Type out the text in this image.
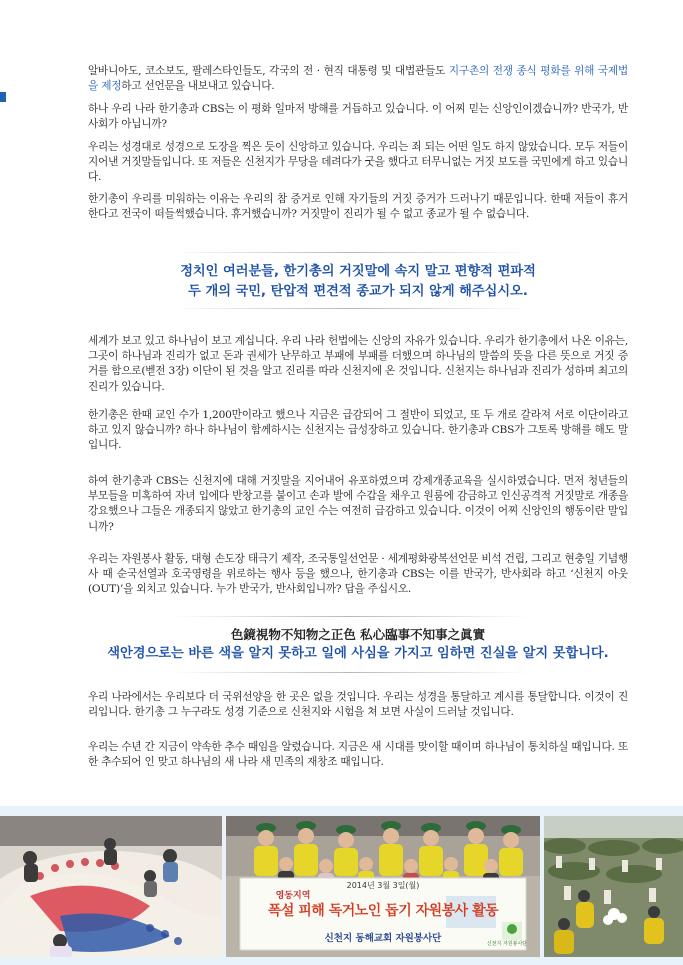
알바니아도, 코소보도, 팔레스타인들도, 각국의 전 · 현직 대통령 및 대법관들도 지구촌의 전쟁 종식 평화를 위해 국제법을 제정하고 선언문을 내보내고 있습니다.

하나 우리 나라 한기총과 CBS는 이 평화 일마저 방해를 거듭하고 있습니다. 이 어찌 믿는 신앙인이겠습니까? 반국가, 반사회가 아닙니까?

우리는 성경대로 성경으로 도장을 찍은 듯이 신앙하고 있습니다. 우리는 죄 되는 어떤 일도 하지 않았습니다. 모두 저들이 지어낸 거짓말들입니다. 또 저들은 신천지가 무당을 데려다가 굿을 했다고 터무니없는 거짓 보도를 국민에게 하고 있습니다.

한기총이 우리를 미워하는 이유는 우리의 참 증거로 인해 자기들의 거짓 증거가 드러나기 때문입니다. 한때 저들이 휴거한다고 전국이 떠들썩했습니다. 휴거했습니까? 거짓말이 진리가 될 수 없고 종교가 될 수 없습니다.

정치인 여러분들, 한기총의 거짓말에 속지 말고 편향적 편파적
두 개의 국민, 탄압적 편견적 종교가 되지 않게 해주십시오.

세계가 보고 있고 하나님이 보고 계십니다. 우리 나라 헌법에는 신앙의 자유가 있습니다. 우리가 한기총에서 나온 이유는, 그곳이 하나님과 진리가 없고 돈과 권세가 난무하고 부패에 부패를 더했으며 하나님의 말씀의 뜻을 다른 뜻으로 거짓 증거를 함으로(벧전 3장) 이단이 된 것을 알고 진리를 따라 신천지에 온 것입니다. 신천지는 하나님과 진리가 성하며 최고의 진리가 있습니다.

한기총은 한때 교인 수가 1,200만이라고 했으나 지금은 급감되어 그 절반이 되었고, 또 두 개로 갈라져 서로 이단이라고 하고 있지 않습니까? 하나 하나님이 함께하시는 신천지는 급성장하고 있습니다. 한기총과 CBS가 그토록 방해를 해도 말입니다.

하여 한기총과 CBS는 신천지에 대해 거짓말을 지어내어 유포하였으며 강제개종교육을 실시하였습니다. 먼저 청년들의 부모들을 미혹하여 자녀 입에다 반창고를 붙이고 손과 발에 수갑을 채우고 원룸에 감금하고 인신공격적 거짓말로 개종을 강요했으나 그들은 개종되지 않았고 한기총의 교인 수는 여전히 급감하고 있습니다. 이것이 어찌 신앙인의 행동이란 말입니까?

우리는 자원봉사 활동, 대형 손도장 태극기 제작, 조국통일선언문 · 세계평화광복선언문 비석 건립, 그리고 현충일 기념행사 때 순국선열과 호국영령을 위로하는 행사 등을 했으나, 한기총과 CBS는 이를 반국가, 반사회라 하고 ‘신천지 아웃(OUT)’을 외치고 있습니다. 누가 반국가, 반사회입니까? 답을 주십시오.

色鏡視物不知物之正色 私心臨事不知事之眞實
색안경으로는 바른 색을 알지 못하고 일에 사심을 가지고 임하면 진실을 알지 못합니다.

우리 나라에서는 우리보다 더 국위선양을 한 곳은 없을 것입니다. 우리는 성경을 통달하고 계시를 통달합니다. 이것이 진리입니다. 한기총 그 누구라도 성경 기준으로 신천지와 시험을 쳐 보면 사실이 드러날 것입니다.

우리는 수년 간 지금이 약속한 추수 때임을 알렸습니다. 지금은 새 시대를 맞이할 때이며 하나님이 통치하실 때입니다. 또한 추수되어 인 맞고 하나님의 새 나라 새 민족의 재창조 때입니다.

2014년 3월 3일(월)
영동지역
폭설 피해 독거노인 돕기 자원봉사 활동
신천지 동해교회 자원봉사단	신천지 자원봉사단
